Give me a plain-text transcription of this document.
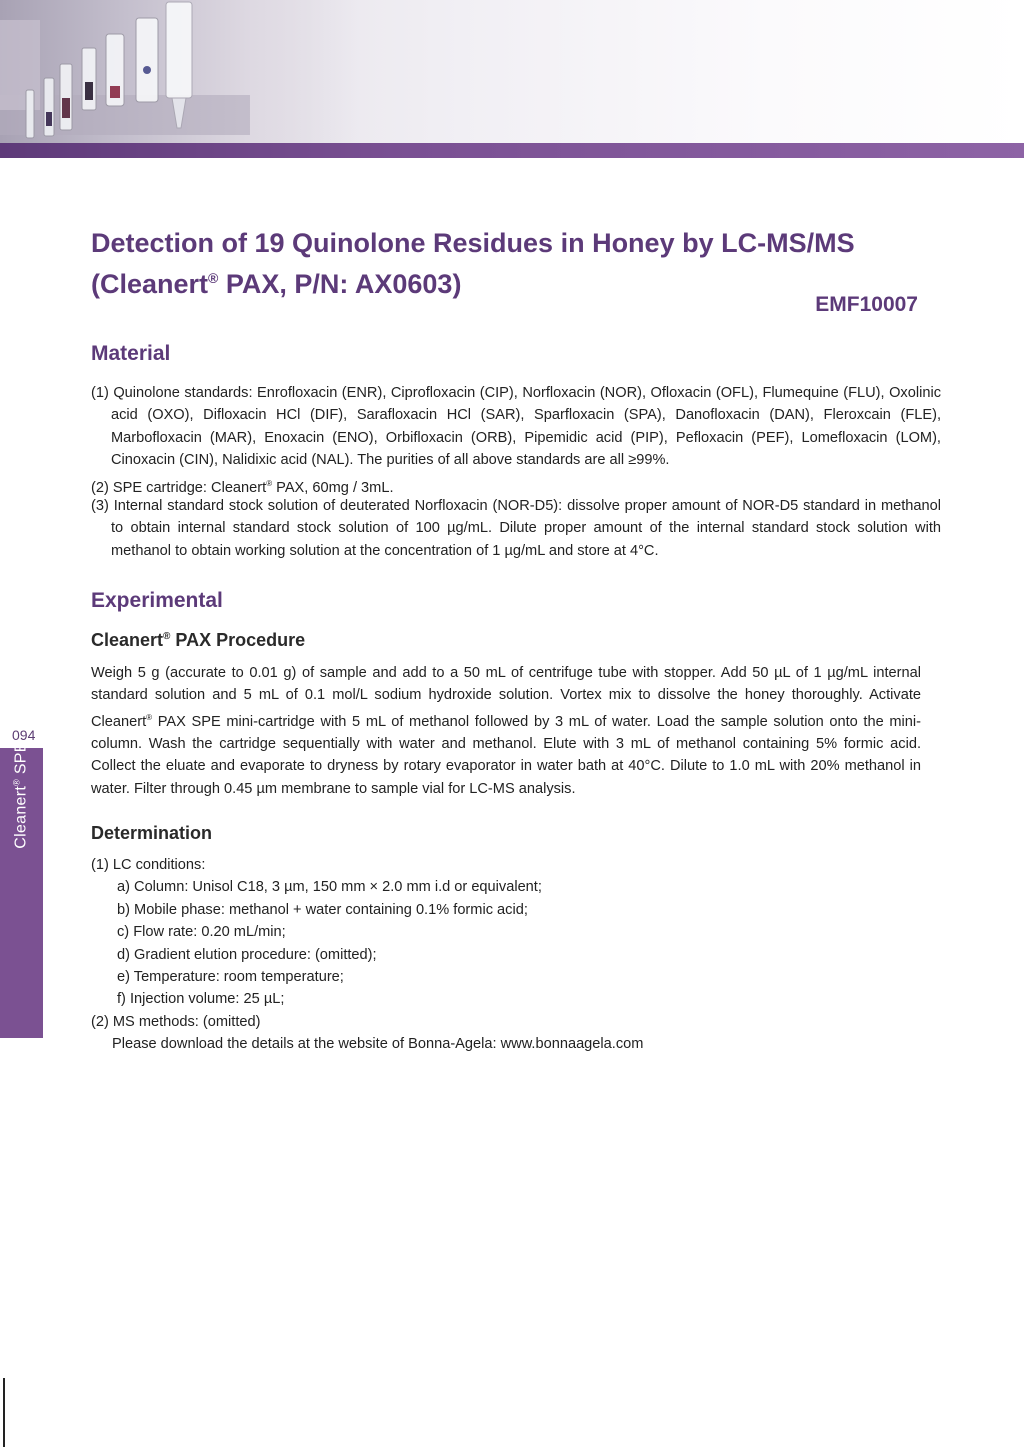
094
Cleanert® SPE
Detection of 19 Quinolone Residues in Honey by LC-MS/MS
(Cleanert® PAX, P/N: AX0603)
EMF10007
Material
(1) Quinolone standards: Enrofloxacin (ENR), Ciprofloxacin (CIP), Norfloxacin (NOR), Ofloxacin (OFL), Flumequine (FLU), Oxolinic acid (OXO), Difloxacin HCl (DIF), Sarafloxacin HCl (SAR), Sparfloxacin (SPA), Danofloxacin (DAN), Fleroxcain (FLE), Marbofloxacin (MAR), Enoxacin (ENO), Orbifloxacin (ORB), Pipemidic acid (PIP), Pefloxacin (PEF), Lomefloxacin (LOM), Cinoxacin (CIN), Nalidixic acid (NAL). The purities of all above standards are all ≥99%.
(2) SPE cartridge: Cleanert® PAX, 60mg / 3mL.
(3) Internal standard stock solution of deuterated Norfloxacin (NOR-D5): dissolve proper amount of NOR-D5 standard in methanol to obtain internal standard stock solution of 100 µg/mL. Dilute proper amount of the internal standard stock solution with methanol to obtain working solution at the concentration of 1 µg/mL and store at 4°C.
Experimental
Cleanert® PAX Procedure
Weigh 5 g (accurate to 0.01 g) of sample and add to a 50 mL of centrifuge tube with stopper. Add 50 µL of 1 µg/mL internal standard solution and 5 mL of 0.1 mol/L sodium hydroxide solution. Vortex mix to dissolve the honey thoroughly. Activate Cleanert® PAX SPE mini-cartridge with 5 mL of methanol followed by 3 mL of water. Load the sample solution onto the mini-column. Wash the cartridge sequentially with water and methanol. Elute with 3 mL of methanol containing 5% formic acid. Collect the eluate and evaporate to dryness by rotary evaporator in water bath at 40°C. Dilute to 1.0 mL with 20% methanol in water. Filter through 0.45 µm membrane to sample vial for LC-MS analysis.
Determination
(1) LC conditions:
a) Column: Unisol C18, 3 µm, 150 mm × 2.0 mm i.d or equivalent;
b) Mobile phase: methanol + water containing 0.1% formic acid;
c) Flow rate: 0.20 mL/min;
d) Gradient elution procedure: (omitted);
e) Temperature: room temperature;
f) Injection volume: 25 µL;
(2) MS methods: (omitted)
Please download the details at the website of Bonna-Agela: www.bonnaagela.com
